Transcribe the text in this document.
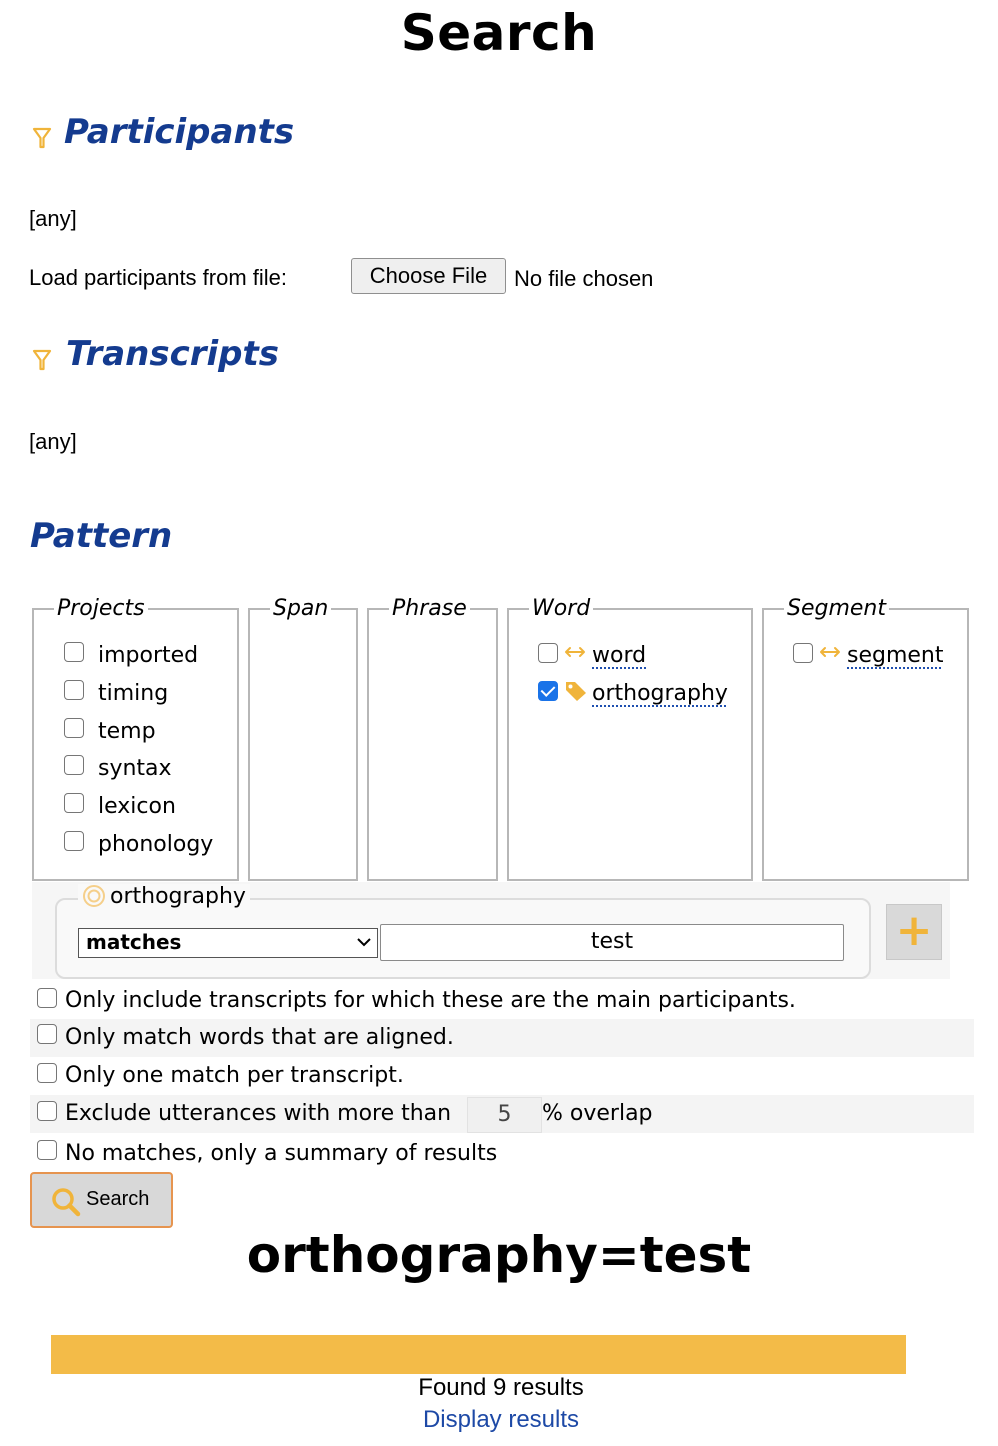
Search
Participants
[any]
Load participants from file:	Choose File	No file chosen
Transcripts
[any]
Pattern
Projects
imported
timing
temp
syntax
lexicon
phonology
Span	Phrase	Word
word
orthography
Segment
segment
orthography
matches	test	+
Only include transcripts for which these are the main participants.
Only match words that are aligned.
Only one match per transcript.
Exclude utterances with more than	5	% overlap
No matches, only a summary of results
Search
orthography=test
Found 9 results
Display results
